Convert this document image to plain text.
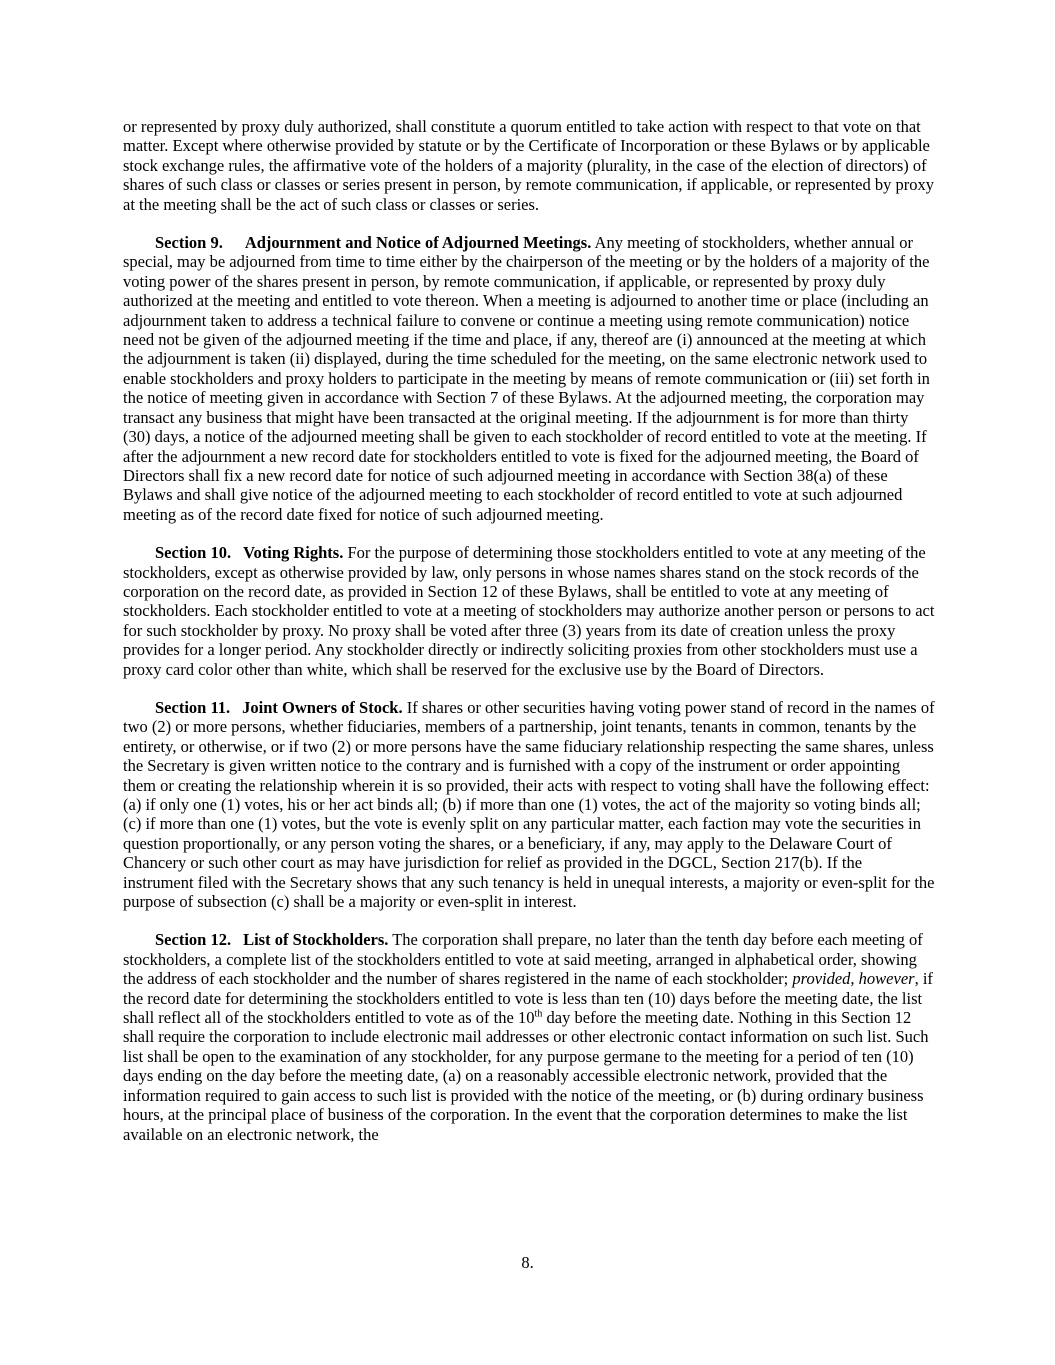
or represented by proxy duly authorized, shall constitute a quorum entitled to take action with respect to that vote on that matter. Except where otherwise provided by statute or by the Certificate of Incorporation or these Bylaws or by applicable stock exchange rules, the affirmative vote of the holders of a majority (plurality, in the case of the election of directors) of shares of such class or classes or series present in person, by remote communication, if applicable, or represented by proxy at the meeting shall be the act of such class or classes or series.

Section 9. Adjournment and Notice of Adjourned Meetings. Any meeting of stockholders, whether annual or special, may be adjourned from time to time either by the chairperson of the meeting or by the holders of a majority of the voting power of the shares present in person, by remote communication, if applicable, or represented by proxy duly authorized at the meeting and entitled to vote thereon. When a meeting is adjourned to another time or place (including an adjournment taken to address a technical failure to convene or continue a meeting using remote communication) notice need not be given of the adjourned meeting if the time and place, if any, thereof are (i) announced at the meeting at which the adjournment is taken (ii) displayed, during the time scheduled for the meeting, on the same electronic network used to enable stockholders and proxy holders to participate in the meeting by means of remote communication or (iii) set forth in the notice of meeting given in accordance with Section 7 of these Bylaws. At the adjourned meeting, the corporation may transact any business that might have been transacted at the original meeting. If the adjournment is for more than thirty (30) days, a notice of the adjourned meeting shall be given to each stockholder of record entitled to vote at the meeting. If after the adjournment a new record date for stockholders entitled to vote is fixed for the adjourned meeting, the Board of Directors shall fix a new record date for notice of such adjourned meeting in accordance with Section 38(a) of these Bylaws and shall give notice of the adjourned meeting to each stockholder of record entitled to vote at such adjourned meeting as of the record date fixed for notice of such adjourned meeting.

Section 10. Voting Rights. For the purpose of determining those stockholders entitled to vote at any meeting of the stockholders, except as otherwise provided by law, only persons in whose names shares stand on the stock records of the corporation on the record date, as provided in Section 12 of these Bylaws, shall be entitled to vote at any meeting of stockholders. Each stockholder entitled to vote at a meeting of stockholders may authorize another person or persons to act for such stockholder by proxy. No proxy shall be voted after three (3) years from its date of creation unless the proxy provides for a longer period. Any stockholder directly or indirectly soliciting proxies from other stockholders must use a proxy card color other than white, which shall be reserved for the exclusive use by the Board of Directors.

Section 11. Joint Owners of Stock. If shares or other securities having voting power stand of record in the names of two (2) or more persons, whether fiduciaries, members of a partnership, joint tenants, tenants in common, tenants by the entirety, or otherwise, or if two (2) or more persons have the same fiduciary relationship respecting the same shares, unless the Secretary is given written notice to the contrary and is furnished with a copy of the instrument or order appointing them or creating the relationship wherein it is so provided, their acts with respect to voting shall have the following effect: (a) if only one (1) votes, his or her act binds all; (b) if more than one (1) votes, the act of the majority so voting binds all; (c) if more than one (1) votes, but the vote is evenly split on any particular matter, each faction may vote the securities in question proportionally, or any person voting the shares, or a beneficiary, if any, may apply to the Delaware Court of Chancery or such other court as may have jurisdiction for relief as provided in the DGCL, Section 217(b). If the instrument filed with the Secretary shows that any such tenancy is held in unequal interests, a majority or even-split for the purpose of subsection (c) shall be a majority or even-split in interest.

Section 12. List of Stockholders. The corporation shall prepare, no later than the tenth day before each meeting of stockholders, a complete list of the stockholders entitled to vote at said meeting, arranged in alphabetical order, showing the address of each stockholder and the number of shares registered in the name of each stockholder; provided, however, if the record date for determining the stockholders entitled to vote is less than ten (10) days before the meeting date, the list shall reflect all of the stockholders entitled to vote as of the 10th day before the meeting date. Nothing in this Section 12 shall require the corporation to include electronic mail addresses or other electronic contact information on such list. Such list shall be open to the examination of any stockholder, for any purpose germane to the meeting for a period of ten (10) days ending on the day before the meeting date, (a) on a reasonably accessible electronic network, provided that the information required to gain access to such list is provided with the notice of the meeting, or (b) during ordinary business hours, at the principal place of business of the corporation. In the event that the corporation determines to make the list available on an electronic network, the

8.
